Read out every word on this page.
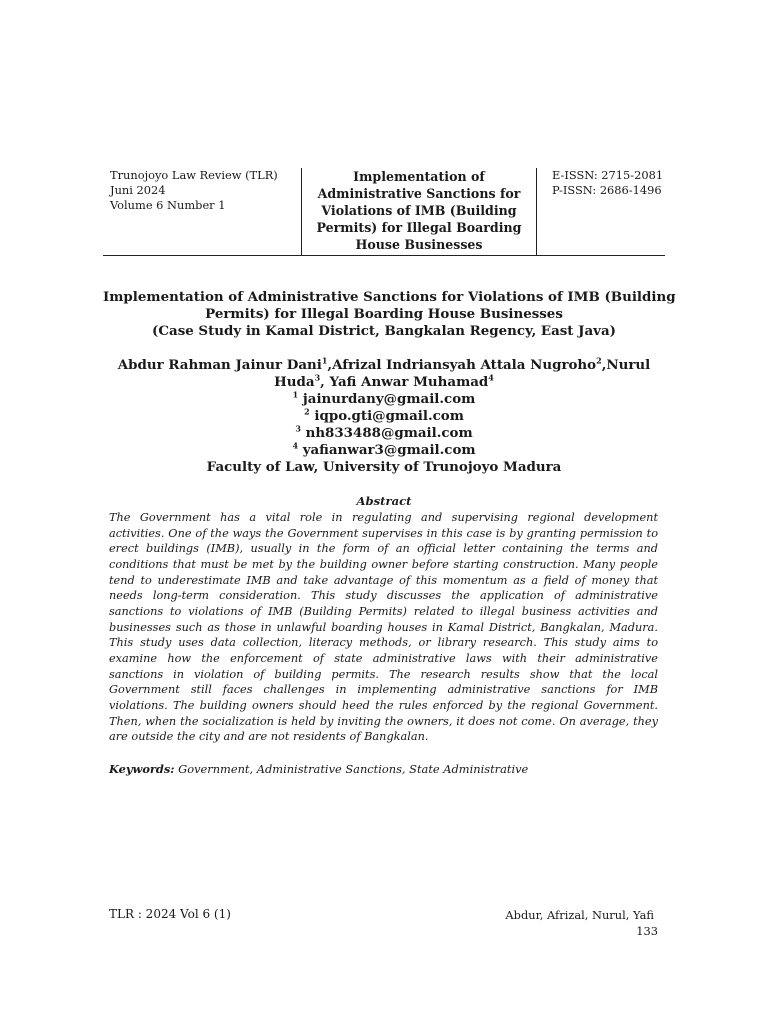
Trunojoyo Law Review (TLR)
Juni 2024
Volume 6 Number 1
Implementation of
Administrative Sanctions for
Violations of IMB (Building
Permits) for Illegal Boarding
House Businesses
E-ISSN: 2715-2081
P-ISSN: 2686-1496
Implementation of Administrative Sanctions for Violations of IMB (Building
Permits) for Illegal Boarding House Businesses
(Case Study in Kamal District, Bangkalan Regency, East Java)
Abdur Rahman Jainur Dani$^1$,Afrizal Indriansyah Attala Nugroho$^2$,Nurul
Huda$^3$, Yafi Anwar Muhamad$^4$
$^1$ jainurdany@gmail.com
$^2$ iqpo.gti@gmail.com
$^3$ nh833488@gmail.com
$^4$ yafianwar3@gmail.com
Faculty of Law, University of Trunojoyo Madura
Abstract
The Government has a vital role in regulating and supervising regional development
activities. One of the ways the Government supervises in this case is by granting permission to
erect buildings (IMB), usually in the form of an official letter containing the terms and
conditions that must be met by the building owner before starting construction. Many people
tend to underestimate IMB and take advantage of this momentum as a field of money that
needs long-term consideration. This study discusses the application of administrative
sanctions to violations of IMB (Building Permits) related to illegal business activities and
businesses such as those in unlawful boarding houses in Kamal District, Bangkalan, Madura.
This study uses data collection, literacy methods, or library research. This study aims to
examine how the enforcement of state administrative laws with their administrative
sanctions in violation of building permits. The research results show that the local
Government still faces challenges in implementing administrative sanctions for IMB
violations. The building owners should heed the rules enforced by the regional Government.
Then, when the socialization is held by inviting the owners, it does not come. On average, they
are outside the city and are not residents of Bangkalan.
Keywords: Government, Administrative Sanctions, State Administrative
TLR : 2024 Vol 6 (1)	Abdur, Afrizal, Nurul, Yafi
133
